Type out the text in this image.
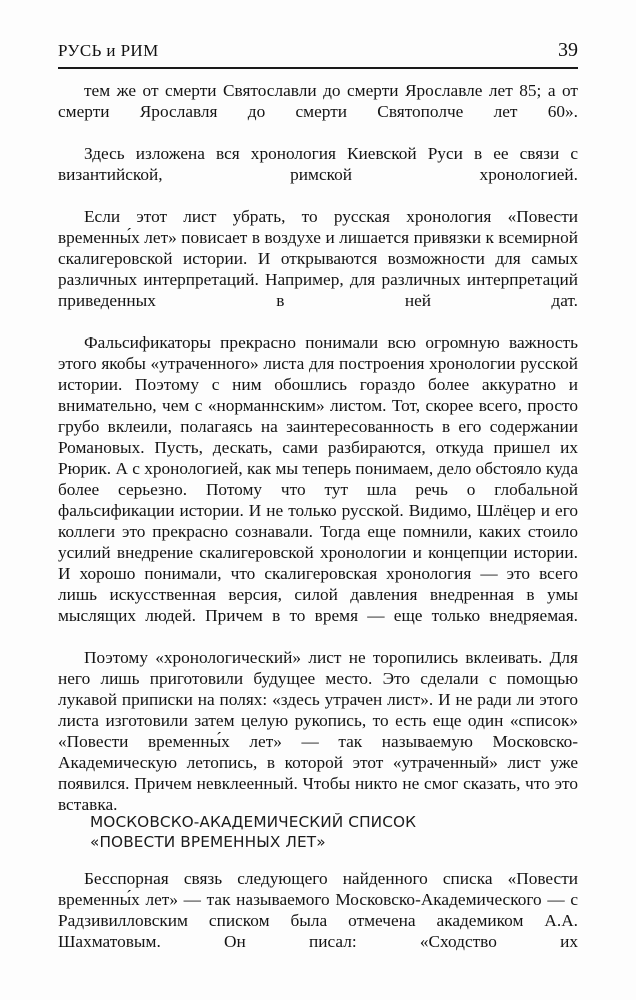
РУСЬ и РИМ	39

тем же от смерти Святославли до смерти Ярославле лет 85; а от смерти Ярославля до смерти Святополче лет 60».

Здесь изложена вся хронология Киевской Руси в ее связи с византийской, римской хронологией.

Если этот лист убрать, то русская хронология «Повести временны́х лет» повисает в воздухе и лишается привязки к всемирной скалигеровской истории. И открываются возможности для самых различных интерпретаций. Например, для различных интерпретаций приведенных в ней дат.

Фальсификаторы прекрасно понимали всю огромную важность этого якобы «утраченного» листа для построения хронологии русской истории. Поэтому с ним обошлись гораздо более аккуратно и внимательно, чем с «норманнским» листом. Тот, скорее всего, просто грубо вклеили, полагаясь на заинтересованность в его содержании Романовых. Пусть, дескать, сами разбираются, откуда пришел их Рюрик. А с хронологией, как мы теперь понимаем, дело обстояло куда более серьезно. Потому что тут шла речь о глобальной фальсификации истории. И не только русской. Видимо, Шлёцер и его коллеги это прекрасно сознавали. Тогда еще помнили, каких стоило усилий внедрение скалигеровской хронологии и концепции истории. И хорошо понимали, что скалигеровская хронология — это всего лишь искусственная версия, силой давления внедренная в умы мыслящих людей. Причем в то время — еще только внедряемая.

Поэтому «хронологический» лист не торопились вклеивать. Для него лишь приготовили будущее место. Это сделали с помощью лукавой приписки на полях: «здесь утрачен лист». И не ради ли этого листа изготовили затем целую рукопись, то есть еще один «список» «Повести временны́х лет» — так называемую Московско-Академическую летопись, в которой этот «утраченный» лист уже появился. Причем невклеенный. Чтобы никто не смог сказать, что это вставка.

МОСКОВСКО-АКАДЕМИЧЕСКИЙ СПИСОК
«ПОВЕСТИ ВРЕМЕННЫХ ЛЕТ»

Бесспорная связь следующего найденного списка «Повести временны́х лет» — так называемого Московско-Академического — с Радзивилловским списком была отмечена академиком А.А. Шахматовым. Он писал: «Сходство их
